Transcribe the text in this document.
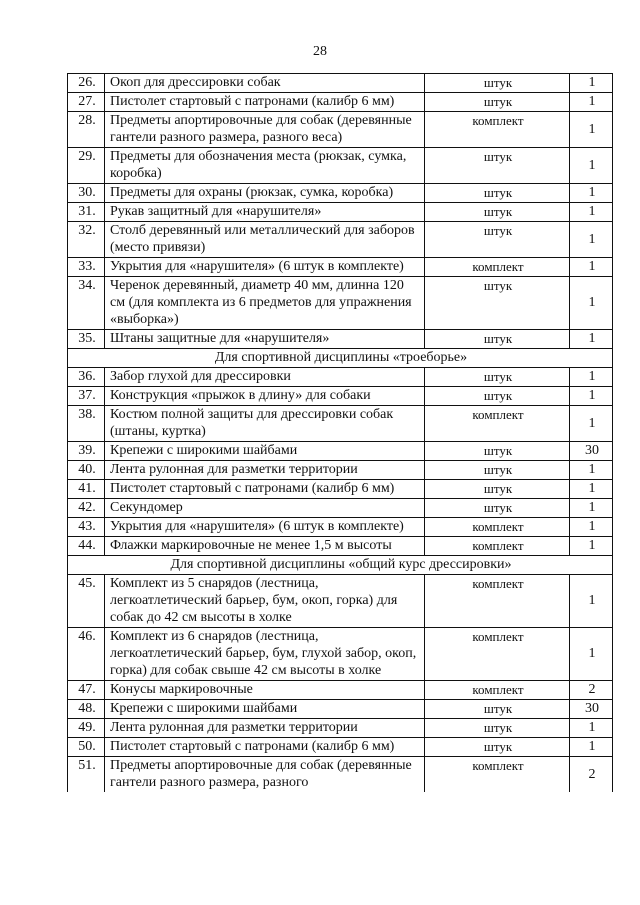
28
26.	Окоп для дрессировки собак	штук	1
27.	Пистолет стартовый с патронами (калибр 6 мм)	штук	1
28.	Предметы апортировочные для собак (деревянные гантели разного размера, разного веса)	комплект	1
29.	Предметы для обозначения места (рюкзак, сумка, коробка)	штук	1
30.	Предметы для охраны (рюкзак, сумка, коробка)	штук	1
31.	Рукав защитный для «нарушителя»	штук	1
32.	Столб деревянный или металлический для заборов (место привязи)	штук	1
33.	Укрытия для «нарушителя» (6 штук в комплекте)	комплект	1
34.	Черенок деревянный, диаметр 40 мм, длинна 120 см (для комплекта из 6 предметов для упражнения «выборка»)	штук	1
35.	Штаны защитные для «нарушителя»	штук	1
Для спортивной дисциплины «троеборье»			
36.	Забор глухой для дрессировки	штук	1
37.	Конструкция «прыжок в длину» для собаки	штук	1
38.	Костюм полной защиты для дрессировки собак (штаны, куртка)	комплект	1
39.	Крепежи с широкими шайбами	штук	30
40.	Лента рулонная для разметки территории	штук	1
41.	Пистолет стартовый с патронами (калибр 6 мм)	штук	1
42.	Секундомер	штук	1
43.	Укрытия для «нарушителя» (6 штук в комплекте)	комплект	1
44.	Флажки маркировочные не менее 1,5 м высоты	комплект	1
Для спортивной дисциплины «общий курс дрессировки»			
45.	Комплект из 5 снарядов (лестница, легкоатлетический барьер, бум, окоп, горка) для собак до 42 см высоты в холке	комплект	1
46.	Комплект из 6 снарядов (лестница, легкоатлетический барьер, бум, глухой забор, окоп, горка) для собак свыше 42 см высоты в холке	комплект	1
47.	Конусы маркировочные	комплект	2
48.	Крепежи с широкими шайбами	штук	30
49.	Лента рулонная для разметки территории	штук	1
50.	Пистолет стартовый с патронами (калибр 6 мм)	штук	1
51.	Предметы апортировочные для собак (деревянные гантели разного размера, разного	комплект	2
